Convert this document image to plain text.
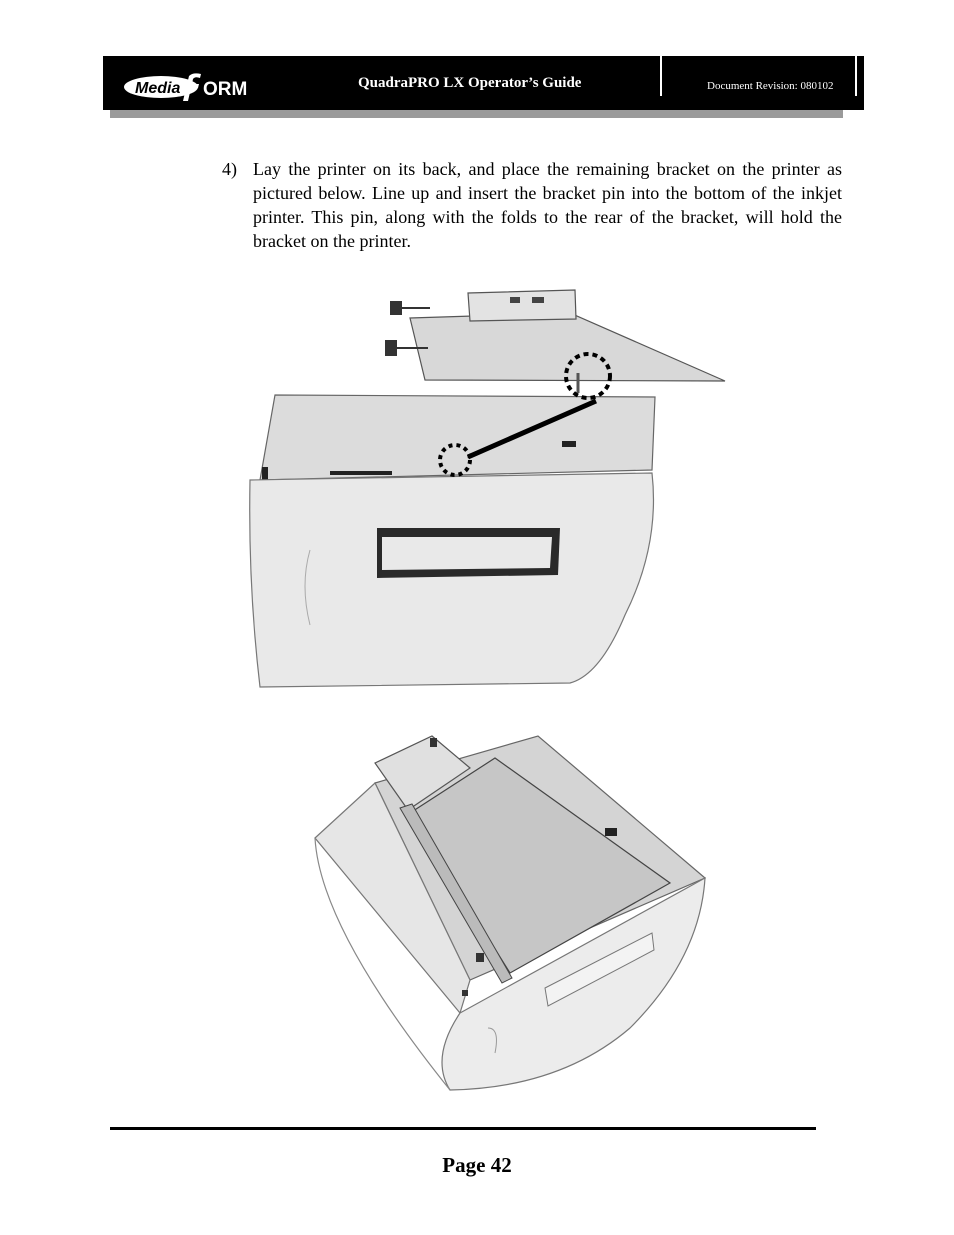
Media ORM	QuadraPRO LX Operator’s Guide	Document Revision: 080102
4) Lay the printer on its back, and place the remaining bracket on the printer as pictured below. Line up and insert the bracket pin into the bottom of the inkjet printer. This pin, along with the folds to the rear of the bracket, will hold the bracket on the printer.
Page 42
